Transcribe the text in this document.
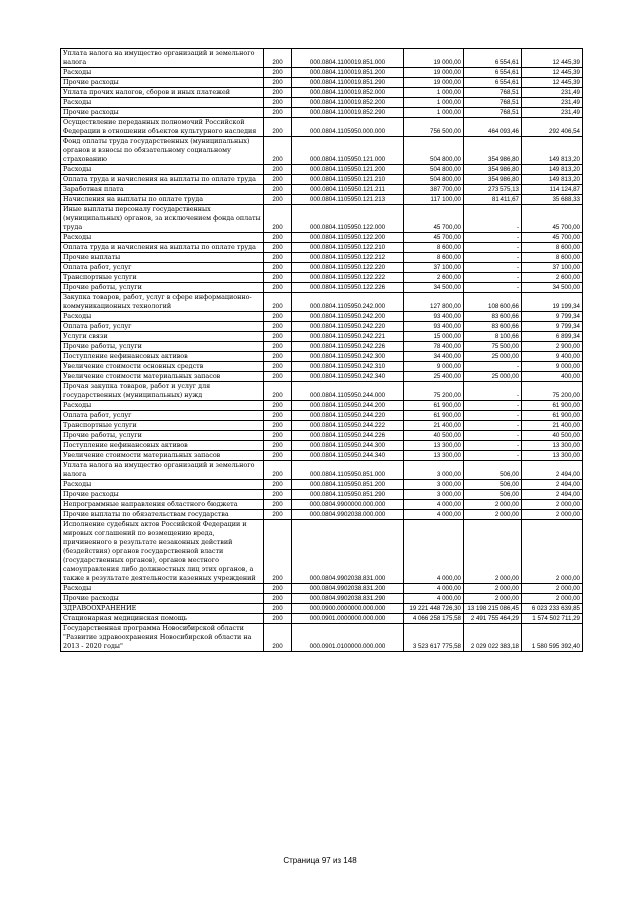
Уплата налога на имущество организаций и земельного налога	200	000.0804.1100019.851.000	19 000,00	6 554,61	12 445,39
Расходы	200	000.0804.1100019.851.200	19 000,00	6 554,61	12 445,39
Прочие расходы	200	000.0804.1100019.851.290	19 000,00	6 554,61	12 445,39
Уплата прочих налогов, сборов и иных платежей	200	000.0804.1100019.852.000	1 000,00	768,51	231,49
Расходы	200	000.0804.1100019.852.200	1 000,00	768,51	231,49
Прочие расходы	200	000.0804.1100019.852.290	1 000,00	768,51	231,49
Осуществление переданных полномочий Российской Федерации в отношении объектов культурного наследия	200	000.0804.1105950.000.000	756 500,00	464 093,46	292 406,54
Фонд оплаты труда государственных (муниципальных) органов и взносы по обязательному социальному страхованию	200	000.0804.1105950.121.000	504 800,00	354 986,80	149 813,20
Расходы	200	000.0804.1105950.121.200	504 800,00	354 986,80	149 813,20
Оплата труда и начисления на выплаты по оплате труда	200	000.0804.1105950.121.210	504 800,00	354 986,80	149 813,20
Заработная плата	200	000.0804.1105950.121.211	387 700,00	273 575,13	114 124,87
Начисления на выплаты по оплате труда	200	000.0804.1105950.121.213	117 100,00	81 411,67	35 688,33
Иные выплаты персоналу государственных (муниципальных) органов, за исключением фонда оплаты труда	200	000.0804.1105950.122.000	45 700,00	-	45 700,00
Расходы	200	000.0804.1105950.122.200	45 700,00	-	45 700,00
Оплата труда и начисления на выплаты по оплате труда	200	000.0804.1105950.122.210	8 600,00	-	8 600,00
Прочие выплаты	200	000.0804.1105950.122.212	8 600,00	-	8 600,00
Оплата работ, услуг	200	000.0804.1105950.122.220	37 100,00	-	37 100,00
Транспортные услуги	200	000.0804.1105950.122.222	2 600,00	-	2 600,00
Прочие работы, услуги	200	000.0804.1105950.122.226	34 500,00	-	34 500,00
Закупка товаров, работ, услуг в сфере информационно-коммуникационных технологий	200	000.0804.1105950.242.000	127 800,00	108 600,66	19 199,34
Расходы	200	000.0804.1105950.242.200	93 400,00	83 600,66	9 799,34
Оплата работ, услуг	200	000.0804.1105950.242.220	93 400,00	83 600,66	9 799,34
Услуги связи	200	000.0804.1105950.242.221	15 000,00	8 100,66	6 899,34
Прочие работы, услуги	200	000.0804.1105950.242.226	78 400,00	75 500,00	2 900,00
Поступление нефинансовых активов	200	000.0804.1105950.242.300	34 400,00	25 000,00	9 400,00
Увеличение стоимости основных средств	200	000.0804.1105950.242.310	9 000,00	-	9 000,00
Увеличение стоимости материальных запасов	200	000.0804.1105950.242.340	25 400,00	25 000,00	400,00
Прочая закупка товаров, работ и услуг для государственных (муниципальных) нужд	200	000.0804.1105950.244.000	75 200,00	-	75 200,00
Расходы	200	000.0804.1105950.244.200	61 900,00	-	61 900,00
Оплата работ, услуг	200	000.0804.1105950.244.220	61 900,00	-	61 900,00
Транспортные услуги	200	000.0804.1105950.244.222	21 400,00	-	21 400,00
Прочие работы, услуги	200	000.0804.1105950.244.226	40 500,00	-	40 500,00
Поступление нефинансовых активов	200	000.0804.1105950.244.300	13 300,00	-	13 300,00
Увеличение стоимости материальных запасов	200	000.0804.1105950.244.340	13 300,00	-	13 300,00
Уплата налога на имущество организаций и земельного налога	200	000.0804.1105950.851.000	3 000,00	506,00	2 494,00
Расходы	200	000.0804.1105950.851.200	3 000,00	506,00	2 494,00
Прочие расходы	200	000.0804.1105950.851.290	3 000,00	506,00	2 494,00
Непрограммные направления областного бюджета	200	000.0804.9900000.000.000	4 000,00	2 000,00	2 000,00
Прочие выплаты по обязательствам государства	200	000.0804.9902038.000.000	4 000,00	2 000,00	2 000,00
Исполнение судебных актов Российской Федерации и мировых соглашений по возмещению вреда, причиненного в результате незаконных действий (бездействия) органов государственной власти (государственных органов), органов местного самоуправления либо должностных лиц этих органов, а также в результате деятельности казенных учреждений	200	000.0804.9902038.831.000	4 000,00	2 000,00	2 000,00
Расходы	200	000.0804.9902038.831.200	4 000,00	2 000,00	2 000,00
Прочие расходы	200	000.0804.9902038.831.290	4 000,00	2 000,00	2 000,00
ЗДРАВООХРАНЕНИЕ	200	000.0900.0000000.000.000	19 221 448 726,30	13 198 215 086,45	6 023 233 639,85
Стационарная медицинская помощь	200	000.0901.0000000.000.000	4 066 258 175,58	2 491 755 464,29	1 574 502 711,29
Государственная программа Новосибирской области "Развитие здравоохранения Новосибирской области на 2013 - 2020 годы"	200	000.0901.0100000.000.000	3 523 617 775,58	2 029 022 383,18	1 580 595 392,40
Страница 97 из 148
